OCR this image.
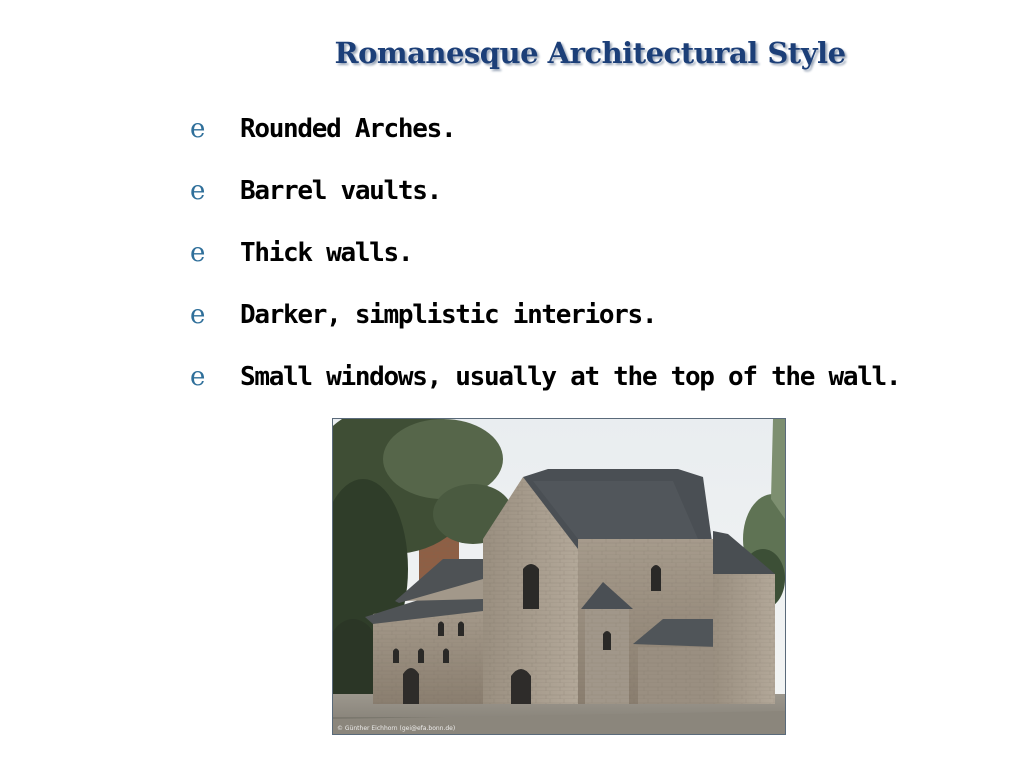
Romanesque Architectural Style
e	Rounded Arches.
e	Barrel vaults.
e	Thick walls.
e	Darker, simplistic interiors.
e	Small windows, usually at the top of the wall.
© Günther Eichhorn (gei@efa.bonn.de)
